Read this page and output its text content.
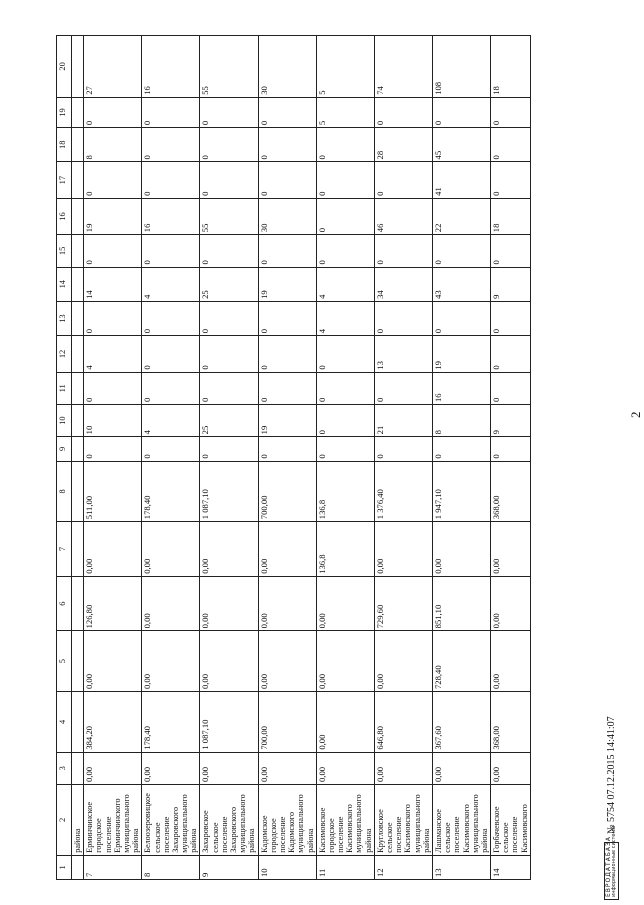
2
1	2	3	4	5	6	7	8	9	10	11	12	13	14	15	16	17	18	19	20
	района																		
7	Ерминчинское городское поселение Ерминчинского муниципального района	0,00	384,20	0,00	126,80	0,00	511,00	0	10	0	4	0	14	0	19	0	8	0	27
8	Белоозеровицкое сельское поселение Захаровского муниципального района	0,00	178,40	0,00	0,00	0,00	178,40	0	4	0	0	0	4	0	16	0	0	0	16
9	Захаровское сельское поселение Захаровского муниципального района	0,00	1 087,10	0,00	0,00	0,00	1 087,10	0	25	0	0	0	25	0	55	0	0	0	55
10	Кадомское городское поселение Кадомского муниципального района	0,00	700,00	0,00	0,00	0,00	700,00	0	19	0	0	0	19	0	30	0	0	0	30
11	Касимовское городское поселение Касимовского муниципального района	0,00	0,00	0,00	0,00	136,8	136,8	0	0	0	0	4	4	0	0	0	0	5	5
12	Кругловское сельское поселение Касимовского муниципального района	0,00	646,80	0,00	729,60	0,00	1 376,40	0	21	0	13	0	34	0	46	0	28	0	74
13	Лашманское сельское поселение Касимовского муниципального района	0,00	367,60	728,40	851,10	0,00	1 947,10	0	8	16	19	0	43	0	22	41	45	0	108
14	Горбачевское сельское поселение Касимовского	0,00	368,00	0,00	0,00	0,00	368,00	0	9	0	0	0	9	0	18	0	0	0	18
ЕВРОДАТАБАЗА информационные системы
№ 5754 07.12.2015 14:41:07
